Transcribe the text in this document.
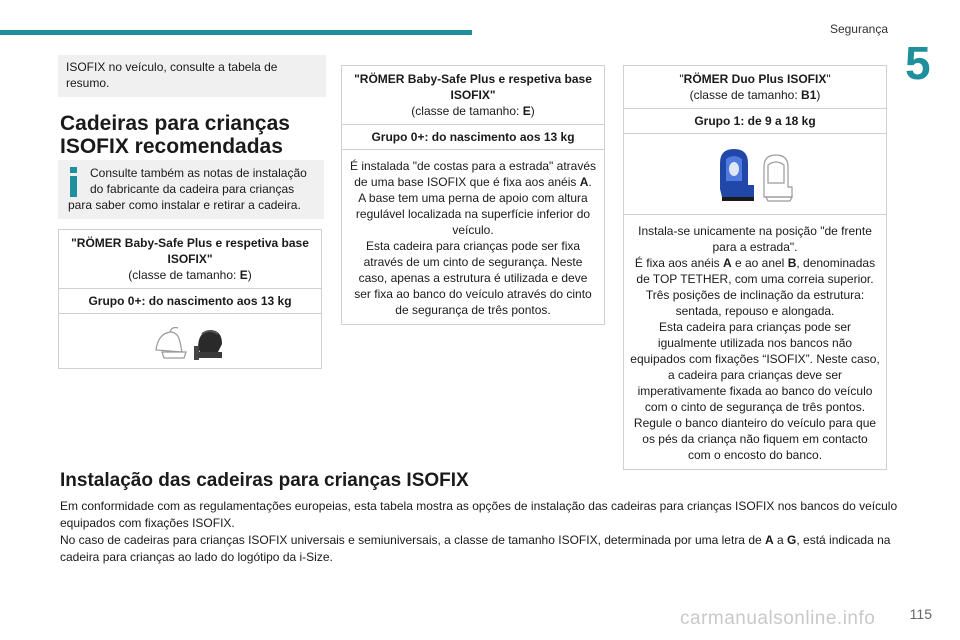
Segurança
5
ISOFIX no veículo, consulte a tabela de resumo.
Cadeiras para crianças ISOFIX recomendadas
Consulte também as notas de instalação do fabricante da cadeira para crianças para saber como instalar e retirar a cadeira.
"RÖMER Baby-Safe Plus e respetiva base ISOFIX"
(classe de tamanho: E)
Grupo 0+: do nascimento aos 13 kg
"RÖMER Baby-Safe Plus e respetiva base ISOFIX"
(classe de tamanho: E)
Grupo 0+: do nascimento aos 13 kg
É instalada "de costas para a estrada" através de uma base ISOFIX que é fixa aos anéis A.
A base tem uma perna de apoio com altura regulável localizada na superfície inferior do veículo.
Esta cadeira para crianças pode ser fixa através de um cinto de segurança. Neste caso, apenas a estrutura é utilizada e deve ser fixa ao banco do veículo através do cinto de segurança de três pontos.
"RÖMER Duo Plus ISOFIX"
(classe de tamanho: B1)
Grupo 1: de 9 a 18 kg
Instala-se unicamente na posição "de frente para a estrada".
É fixa aos anéis A e ao anel B, denominadas de TOP TETHER, com uma correia superior.
Três posições de inclinação da estrutura: sentada, repouso e alongada.
Esta cadeira para crianças pode ser igualmente utilizada nos bancos não equipados com fixações “ISOFIX”. Neste caso, a cadeira para crianças deve ser imperativamente fixada ao banco do veículo com o cinto de segurança de três pontos.
Regule o banco dianteiro do veículo para que os pés da criança não fiquem em contacto com o encosto do banco.
Instalação das cadeiras para crianças ISOFIX
Em conformidade com as regulamentações europeias, esta tabela mostra as opções de instalação das cadeiras para crianças ISOFIX nos bancos do veículo equipados com fixações ISOFIX.
No caso de cadeiras para crianças ISOFIX universais e semiuniversais, a classe de tamanho ISOFIX, determinada por uma letra de A a G, está indicada na cadeira para crianças ao lado do logótipo da i-Size.
carmanualsonline.info 115
